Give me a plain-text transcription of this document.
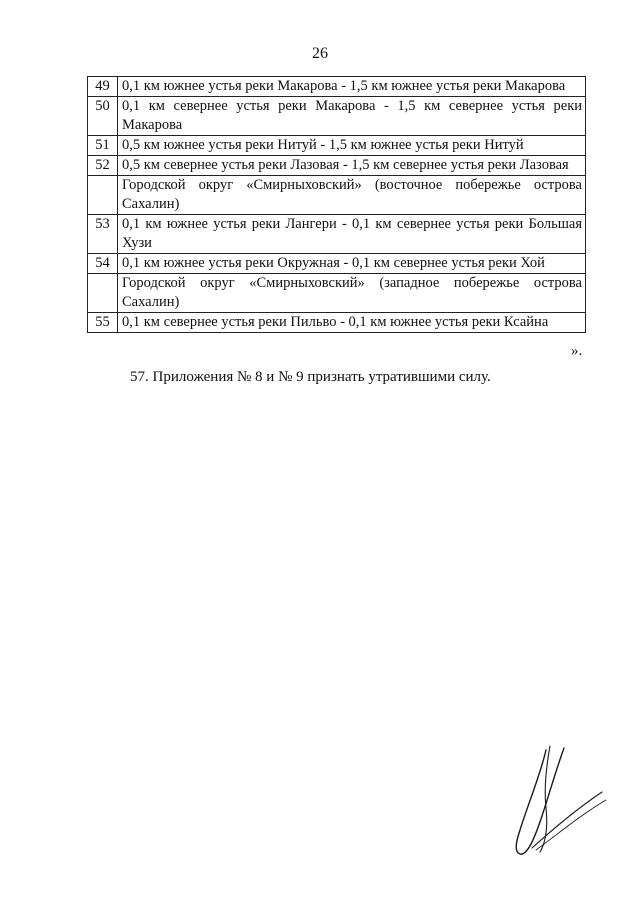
26
49	0,1 км южнее устья реки Макарова - 1,5 км южнее устья реки Макарова
50	0,1 км севернее устья реки Макарова - 1,5 км севернее устья реки Макарова
51	0,5 км южнее устья реки Нитуй - 1,5 км южнее устья реки Нитуй
52	0,5 км севернее устья реки Лазовая - 1,5 км севернее устья реки Лазовая
	Городской округ «Смирныховский» (восточное побережье острова Сахалин)
53	0,1 км южнее устья реки Лангери - 0,1 км севернее устья реки Большая Хузи
54	0,1 км южнее устья реки Окружная - 0,1 км севернее устья реки Хой
	Городской округ «Смирныховский» (западное побережье острова Сахалин)
55	0,1 км севернее устья реки Пильво - 0,1 км южнее устья реки Ксайна
».
57. Приложения № 8 и № 9 признать утратившими силу.
